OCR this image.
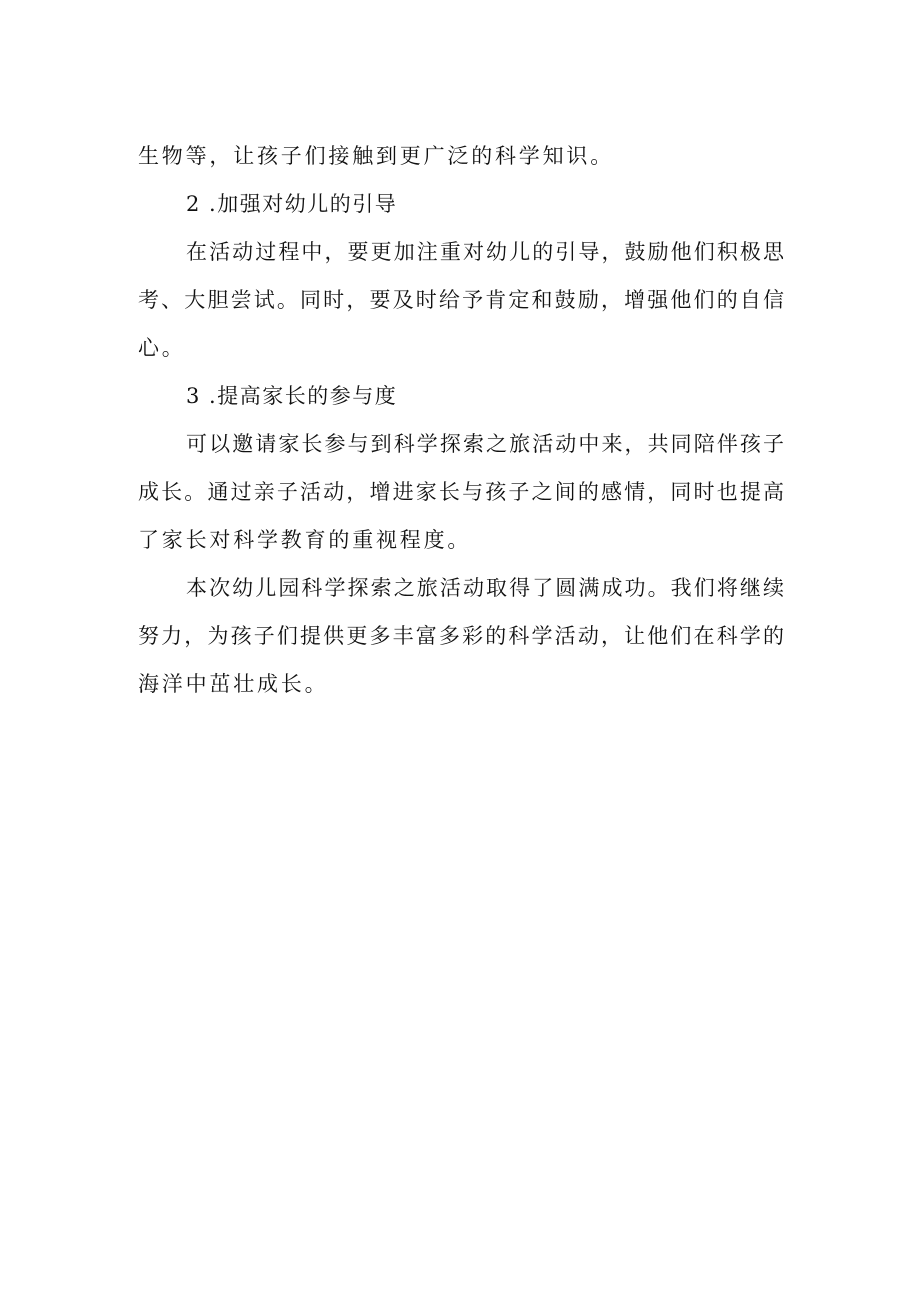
生物等，让孩子们接触到更广泛的科学知识。
2 .加强对幼儿的引导
在活动过程中，要更加注重对幼儿的引导，鼓励他们积极思
考、大胆尝试。同时，要及时给予肯定和鼓励，增强他们的自信
心。
3 .提高家长的参与度
可以邀请家长参与到科学探索之旅活动中来，共同陪伴孩子
成长。通过亲子活动，增进家长与孩子之间的感情，同时也提高
了家长对科学教育的重视程度。
本次幼儿园科学探索之旅活动取得了圆满成功。我们将继续
努力，为孩子们提供更多丰富多彩的科学活动，让他们在科学的
海洋中茁壮成长。
